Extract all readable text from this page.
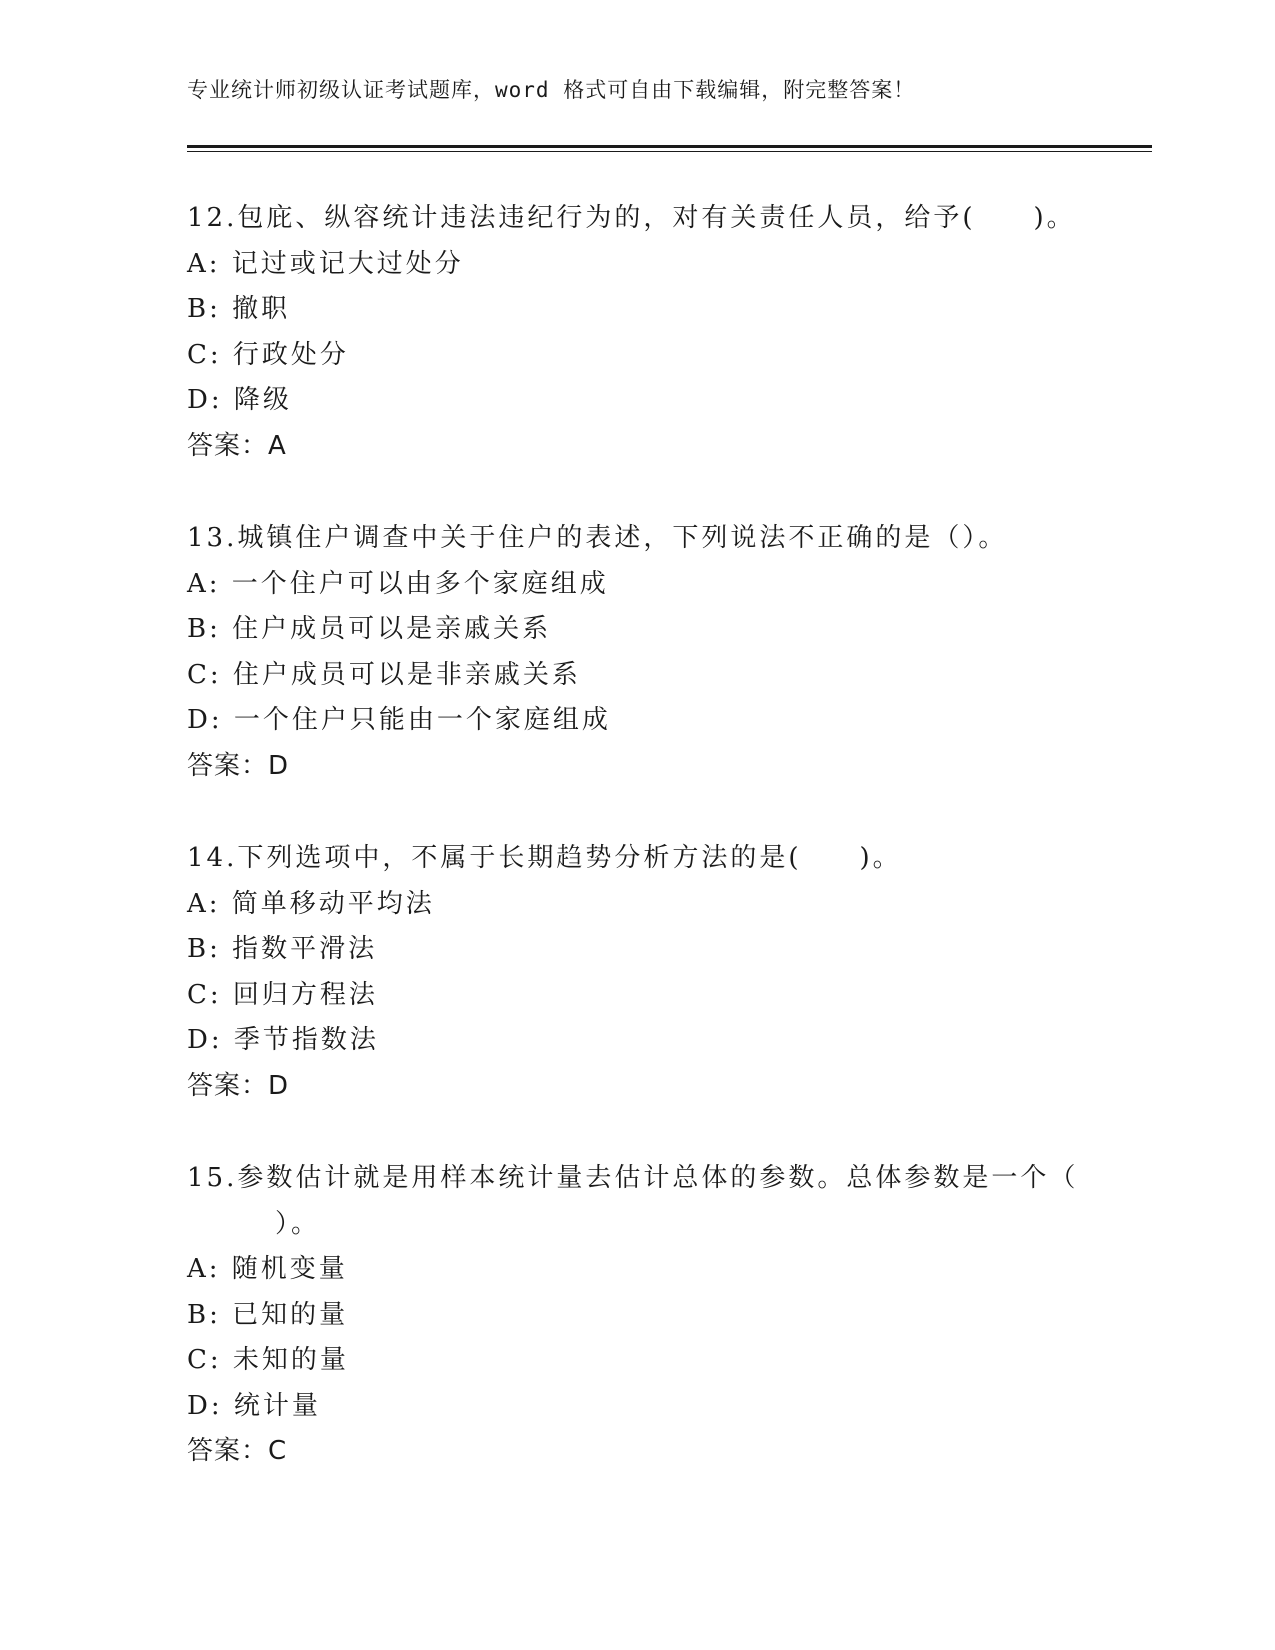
专业统计师初级认证考试题库，word 格式可自由下载编辑，附完整答案！
12.包庇、纵容统计违法违纪行为的，对有关责任人员，给予(　　)。
A: 记过或记大过处分
B: 撤职
C: 行政处分
D: 降级
答案：A
13.城镇住户调查中关于住户的表述，下列说法不正确的是（）。
A: 一个住户可以由多个家庭组成
B: 住户成员可以是亲戚关系
C: 住户成员可以是非亲戚关系
D: 一个住户只能由一个家庭组成
答案：D
14.下列选项中，不属于长期趋势分析方法的是(　　)。
A: 简单移动平均法
B: 指数平滑法
C: 回归方程法
D: 季节指数法
答案：D
15.参数估计就是用样本统计量去估计总体的参数。总体参数是一个（
）。
A: 随机变量
B: 已知的量
C: 未知的量
D: 统计量
答案：C
